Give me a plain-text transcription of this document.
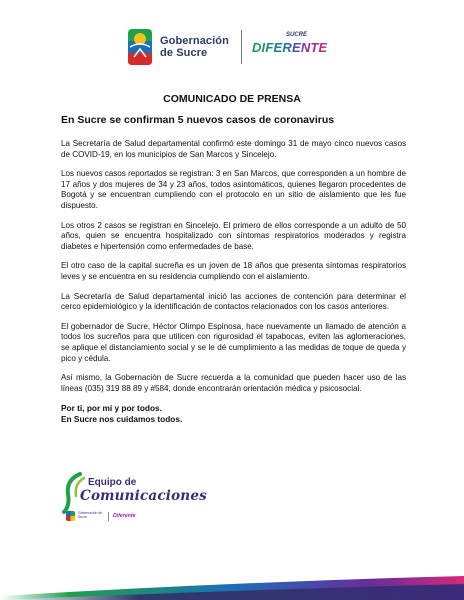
Gobernación
de Sucre
SUCRE
DIFERENTE
COMUNICADO DE PRENSA
En Sucre se confirman 5 nuevos casos de coronavirus

La Secretaría de Salud departamental confirmó este domingo 31 de mayo cinco nuevos casos de COVID-19, en los municipios de San Marcos y Sincelejo.

Los nuevos casos reportados se registran: 3 en San Marcos, que corresponden a un hombre de 17 años y dos mujeres de 34 y 23 años, todos asintomáticos, quienes llegaron procedentes de Bogotá y se encuentran cumpliendo con el protocolo en un sitio de aislamiento que les fue dispuesto.

Los otros 2 casos se registran en Sincelejo. El primero de ellos corresponde a un adulto de 50 años, quien se encuentra hospitalizado con síntomas respiratorios moderados y registra diabetes e hipertensión como enfermedades de base.

El otro caso de la capital sucreña es un joven de 18 años que presenta síntomas respiratorios leves y se encuentra en su residencia cumpliendo con el aislamiento.

La Secretaría de Salud departamental inició las acciones de contención para determinar el cerco epidemiológico y la identificación de contactos relacionados con los casos anteriores.

El gobernador de Sucre, Héctor Olimpo Espinosa, hace nuevamente un llamado de atención a todos los sucreños para que utilicen con rigurosidad el tapabocas, eviten las aglomeraciones, se aplique el distanciamiento social y se le dé cumplimiento a las medidas de toque de queda y pico y cédula.

Así mismo, la Gobernación de Sucre recuerda a la comunidad que pueden hacer uso de las líneas (035) 319 88 89 y #584, donde encontrarán orientación médica y psicosocial.

Por ti, por mí y por todos.
En Sucre nos cuidamos todos.
Equipo de
Comunicaciones
Gobernación de Sucre	Diferente
